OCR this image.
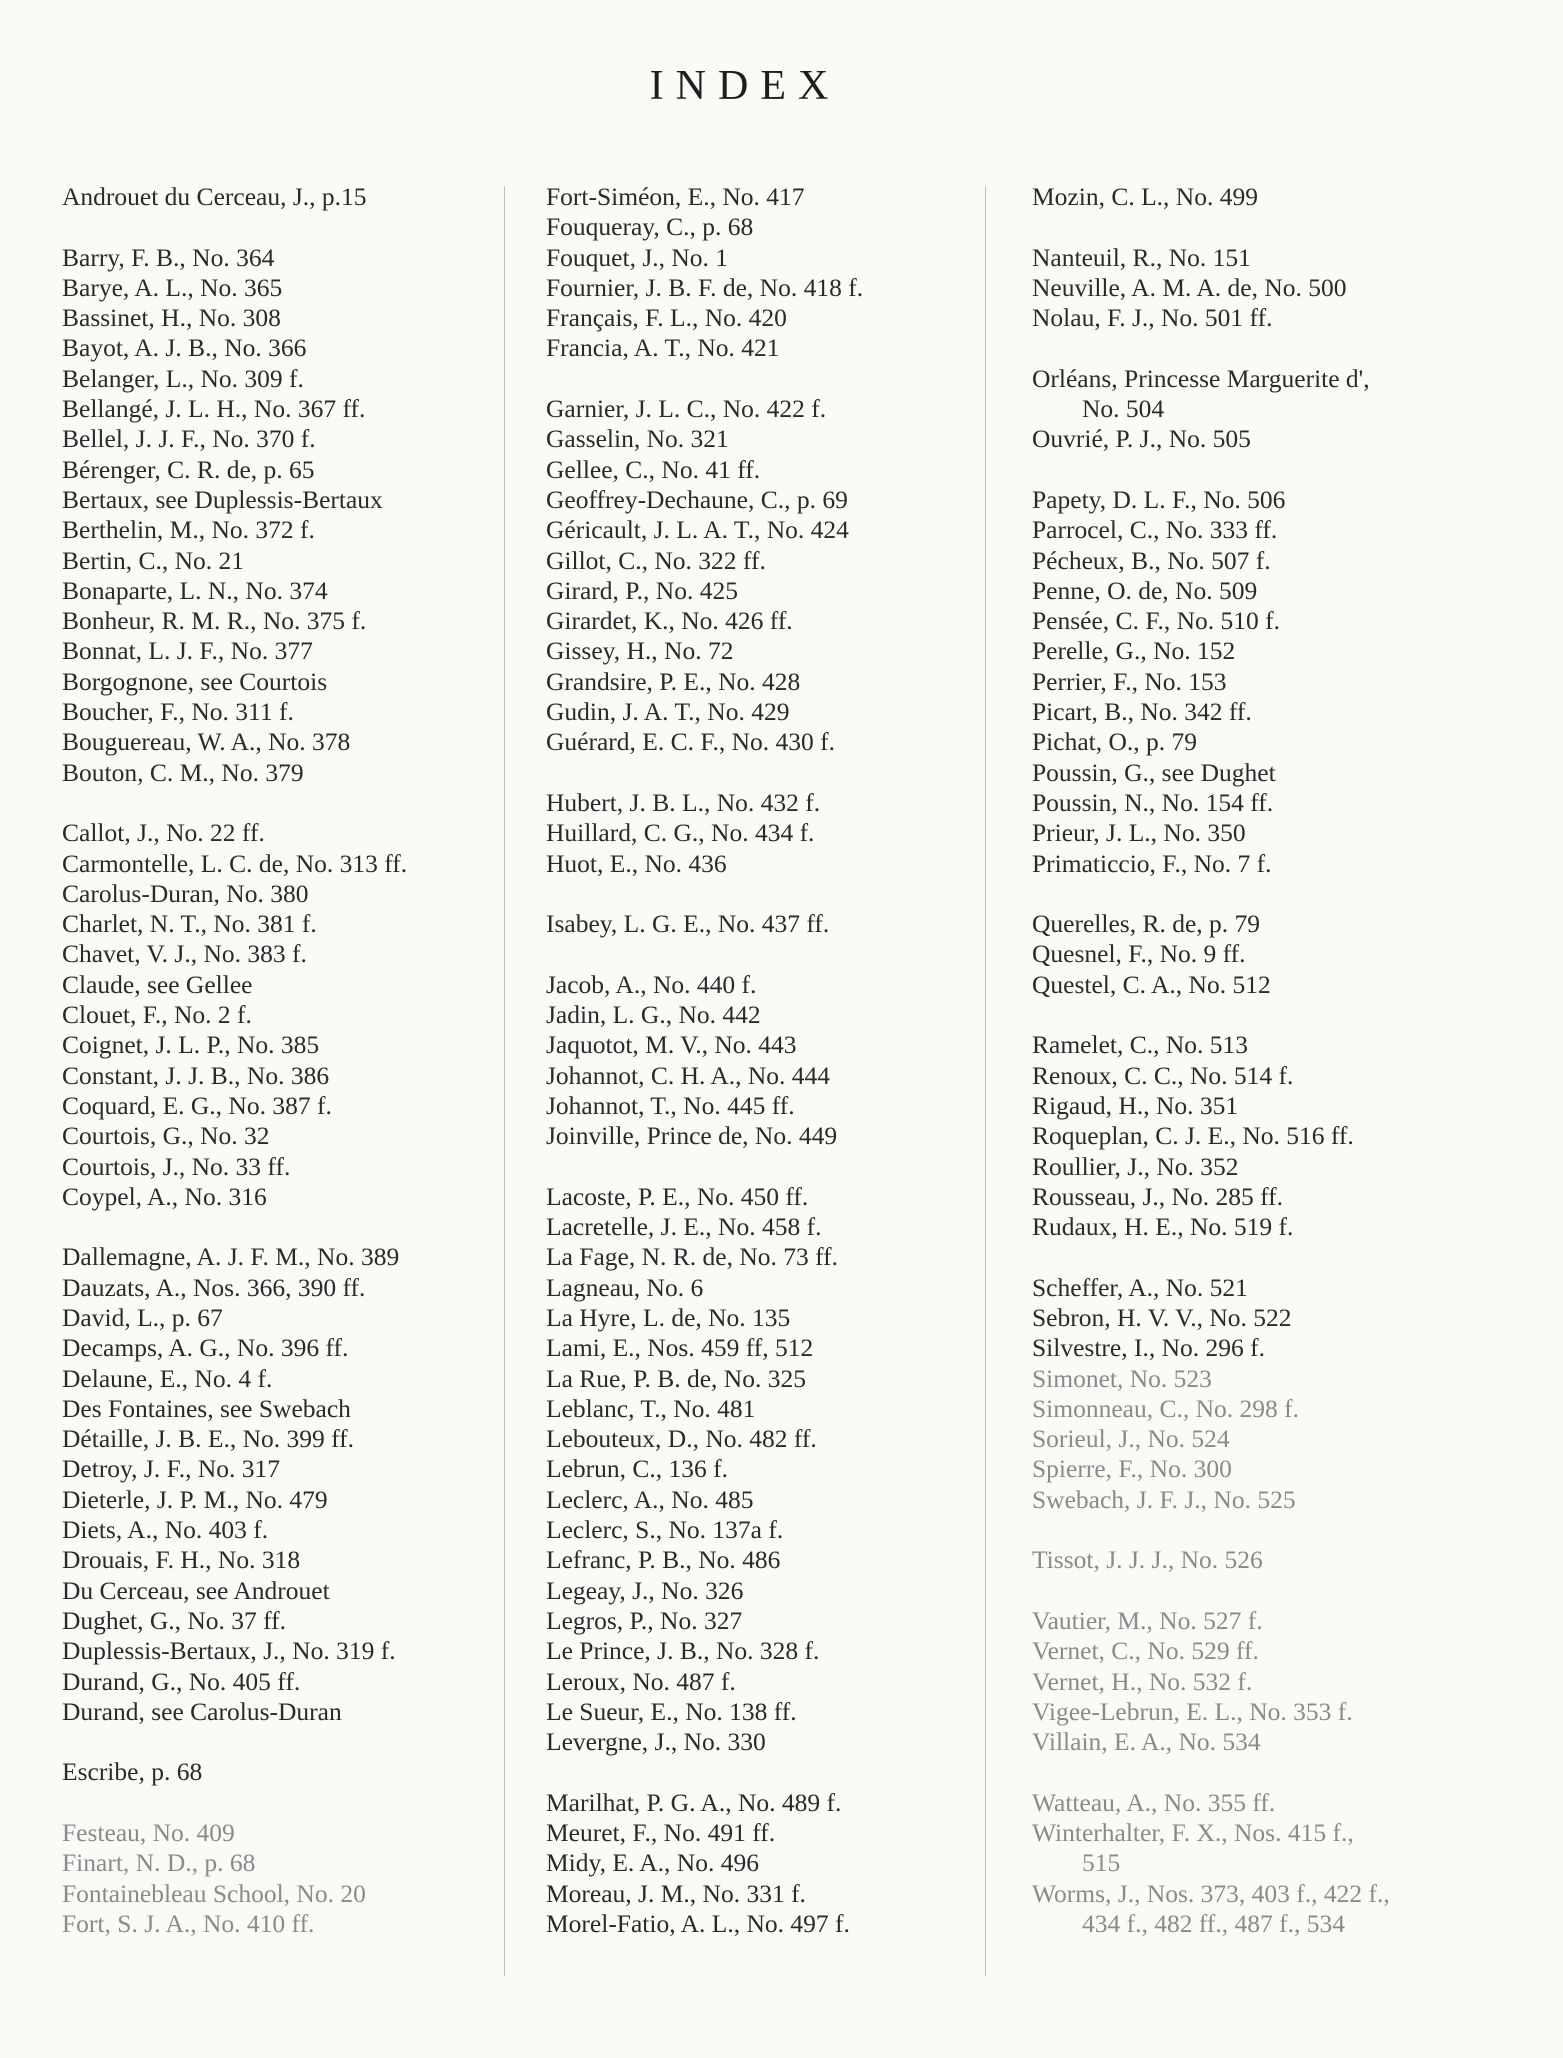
INDEX
Androuet du Cerceau, J., p.15
Barry, F. B., No. 364
Barye, A. L., No. 365
Bassinet, H., No. 308
Bayot, A. J. B., No. 366
Belanger, L., No. 309 f.
Bellangé, J. L. H., No. 367 ff.
Bellel, J. J. F., No. 370 f.
Bérenger, C. R. de, p. 65
Bertaux, see Duplessis-Bertaux
Berthelin, M., No. 372 f.
Bertin, C., No. 21
Bonaparte, L. N., No. 374
Bonheur, R. M. R., No. 375 f.
Bonnat, L. J. F., No. 377
Borgognone, see Courtois
Boucher, F., No. 311 f.
Bouguereau, W. A., No. 378
Bouton, C. M., No. 379
Callot, J., No. 22 ff.
Carmontelle, L. C. de, No. 313 ff.
Carolus-Duran, No. 380
Charlet, N. T., No. 381 f.
Chavet, V. J., No. 383 f.
Claude, see Gellee
Clouet, F., No. 2 f.
Coignet, J. L. P., No. 385
Constant, J. J. B., No. 386
Coquard, E. G., No. 387 f.
Courtois, G., No. 32
Courtois, J., No. 33 ff.
Coypel, A., No. 316
Dallemagne, A. J. F. M., No. 389
Dauzats, A., Nos. 366, 390 ff.
David, L., p. 67
Decamps, A. G., No. 396 ff.
Delaune, E., No. 4 f.
Des Fontaines, see Swebach
Détaille, J. B. E., No. 399 ff.
Detroy, J. F., No. 317
Dieterle, J. P. M., No. 479
Diets, A., No. 403 f.
Drouais, F. H., No. 318
Du Cerceau, see Androuet
Dughet, G., No. 37 ff.
Duplessis-Bertaux, J., No. 319 f.
Durand, G., No. 405 ff.
Durand, see Carolus-Duran
Escribe, p. 68
Festeau, No. 409
Finart, N. D., p. 68
Fontainebleau School, No. 20
Fort, S. J. A., No. 410 ff.
Fort-Siméon, E., No. 417
Fouqueray, C., p. 68
Fouquet, J., No. 1
Fournier, J. B. F. de, No. 418 f.
Français, F. L., No. 420
Francia, A. T., No. 421
Garnier, J. L. C., No. 422 f.
Gasselin, No. 321
Gellee, C., No. 41 ff.
Geoffrey-Dechaune, C., p. 69
Géricault, J. L. A. T., No. 424
Gillot, C., No. 322 ff.
Girard, P., No. 425
Girardet, K., No. 426 ff.
Gissey, H., No. 72
Grandsire, P. E., No. 428
Gudin, J. A. T., No. 429
Guérard, E. C. F., No. 430 f.
Hubert, J. B. L., No. 432 f.
Huillard, C. G., No. 434 f.
Huot, E., No. 436
Isabey, L. G. E., No. 437 ff.
Jacob, A., No. 440 f.
Jadin, L. G., No. 442
Jaquotot, M. V., No. 443
Johannot, C. H. A., No. 444
Johannot, T., No. 445 ff.
Joinville, Prince de, No. 449
Lacoste, P. E., No. 450 ff.
Lacretelle, J. E., No. 458 f.
La Fage, N. R. de, No. 73 ff.
Lagneau, No. 6
La Hyre, L. de, No. 135
Lami, E., Nos. 459 ff, 512
La Rue, P. B. de, No. 325
Leblanc, T., No. 481
Lebouteux, D., No. 482 ff.
Lebrun, C., 136 f.
Leclerc, A., No. 485
Leclerc, S., No. 137a f.
Lefranc, P. B., No. 486
Legeay, J., No. 326
Legros, P., No. 327
Le Prince, J. B., No. 328 f.
Leroux, No. 487 f.
Le Sueur, E., No. 138 ff.
Levergne, J., No. 330
Marilhat, P. G. A., No. 489 f.
Meuret, F., No. 491 ff.
Midy, E. A., No. 496
Moreau, J. M., No. 331 f.
Morel-Fatio, A. L., No. 497 f.
Mozin, C. L., No. 499
Nanteuil, R., No. 151
Neuville, A. M. A. de, No. 500
Nolau, F. J., No. 501 ff.
Orléans, Princesse Marguerite d',
No. 504
Ouvrié, P. J., No. 505
Papety, D. L. F., No. 506
Parrocel, C., No. 333 ff.
Pécheux, B., No. 507 f.
Penne, O. de, No. 509
Pensée, C. F., No. 510 f.
Perelle, G., No. 152
Perrier, F., No. 153
Picart, B., No. 342 ff.
Pichat, O., p. 79
Poussin, G., see Dughet
Poussin, N., No. 154 ff.
Prieur, J. L., No. 350
Primaticcio, F., No. 7 f.
Querelles, R. de, p. 79
Quesnel, F., No. 9 ff.
Questel, C. A., No. 512
Ramelet, C., No. 513
Renoux, C. C., No. 514 f.
Rigaud, H., No. 351
Roqueplan, C. J. E., No. 516 ff.
Roullier, J., No. 352
Rousseau, J., No. 285 ff.
Rudaux, H. E., No. 519 f.
Scheffer, A., No. 521
Sebron, H. V. V., No. 522
Silvestre, I., No. 296 f.
Simonet, No. 523
Simonneau, C., No. 298 f.
Sorieul, J., No. 524
Spierre, F., No. 300
Swebach, J. F. J., No. 525
Tissot, J. J. J., No. 526
Vautier, M., No. 527 f.
Vernet, C., No. 529 ff.
Vernet, H., No. 532 f.
Vigee-Lebrun, E. L., No. 353 f.
Villain, E. A., No. 534
Watteau, A., No. 355 ff.
Winterhalter, F. X., Nos. 415 f.,
515
Worms, J., Nos. 373, 403 f., 422 f.,
434 f., 482 ff., 487 f., 534
